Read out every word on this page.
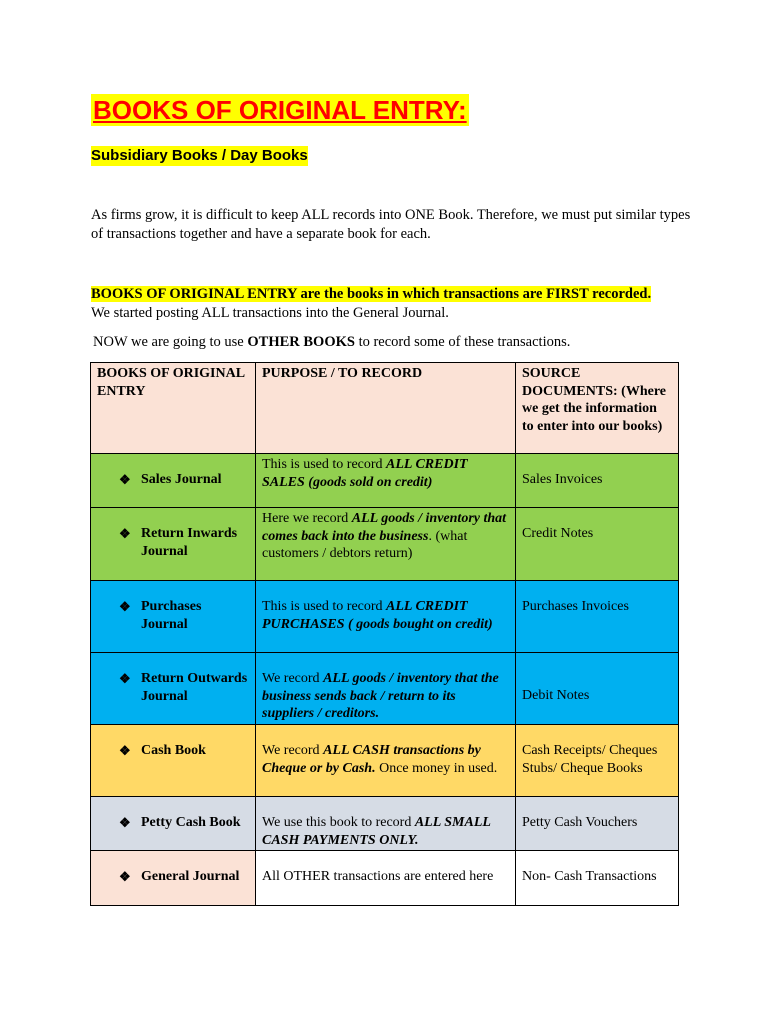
BOOKS OF ORIGINAL ENTRY:
Subsidiary Books / Day Books
As firms grow, it is difficult to keep ALL records into ONE Book. Therefore, we must put similar types of transactions together and have a separate book for each.
BOOKS OF ORIGINAL ENTRY are the books in which transactions are FIRST recorded.
We started posting ALL transactions into the General Journal.
NOW we are going to use OTHER BOOKS to record some of these transactions.
BOOKS OF ORIGINAL ENTRY	PURPOSE / TO RECORD	SOURCE DOCUMENTS: (Where we get the information to enter into our books)

❖ Sales Journal	This is used to record ALL CREDIT SALES (goods sold on credit)	Sales Invoices

❖ Return Inwards Journal	Here we record ALL goods / inventory that comes back into the business. (what customers / debtors return)	Credit Notes

❖ Purchases Journal	This is used to record ALL CREDIT PURCHASES ( goods bought on credit)	Purchases Invoices

❖ Return Outwards Journal	We record ALL goods / inventory that the business sends back / return to its suppliers / creditors.	Debit Notes

❖ Cash Book	We record ALL CASH transactions by Cheque or by Cash. Once money in used.	Cash Receipts/ Cheques Stubs/ Cheque Books

❖ Petty Cash Book	We use this book to record ALL SMALL CASH PAYMENTS ONLY.	Petty Cash Vouchers

❖ General Journal	All OTHER transactions are entered here	Non- Cash Transactions
